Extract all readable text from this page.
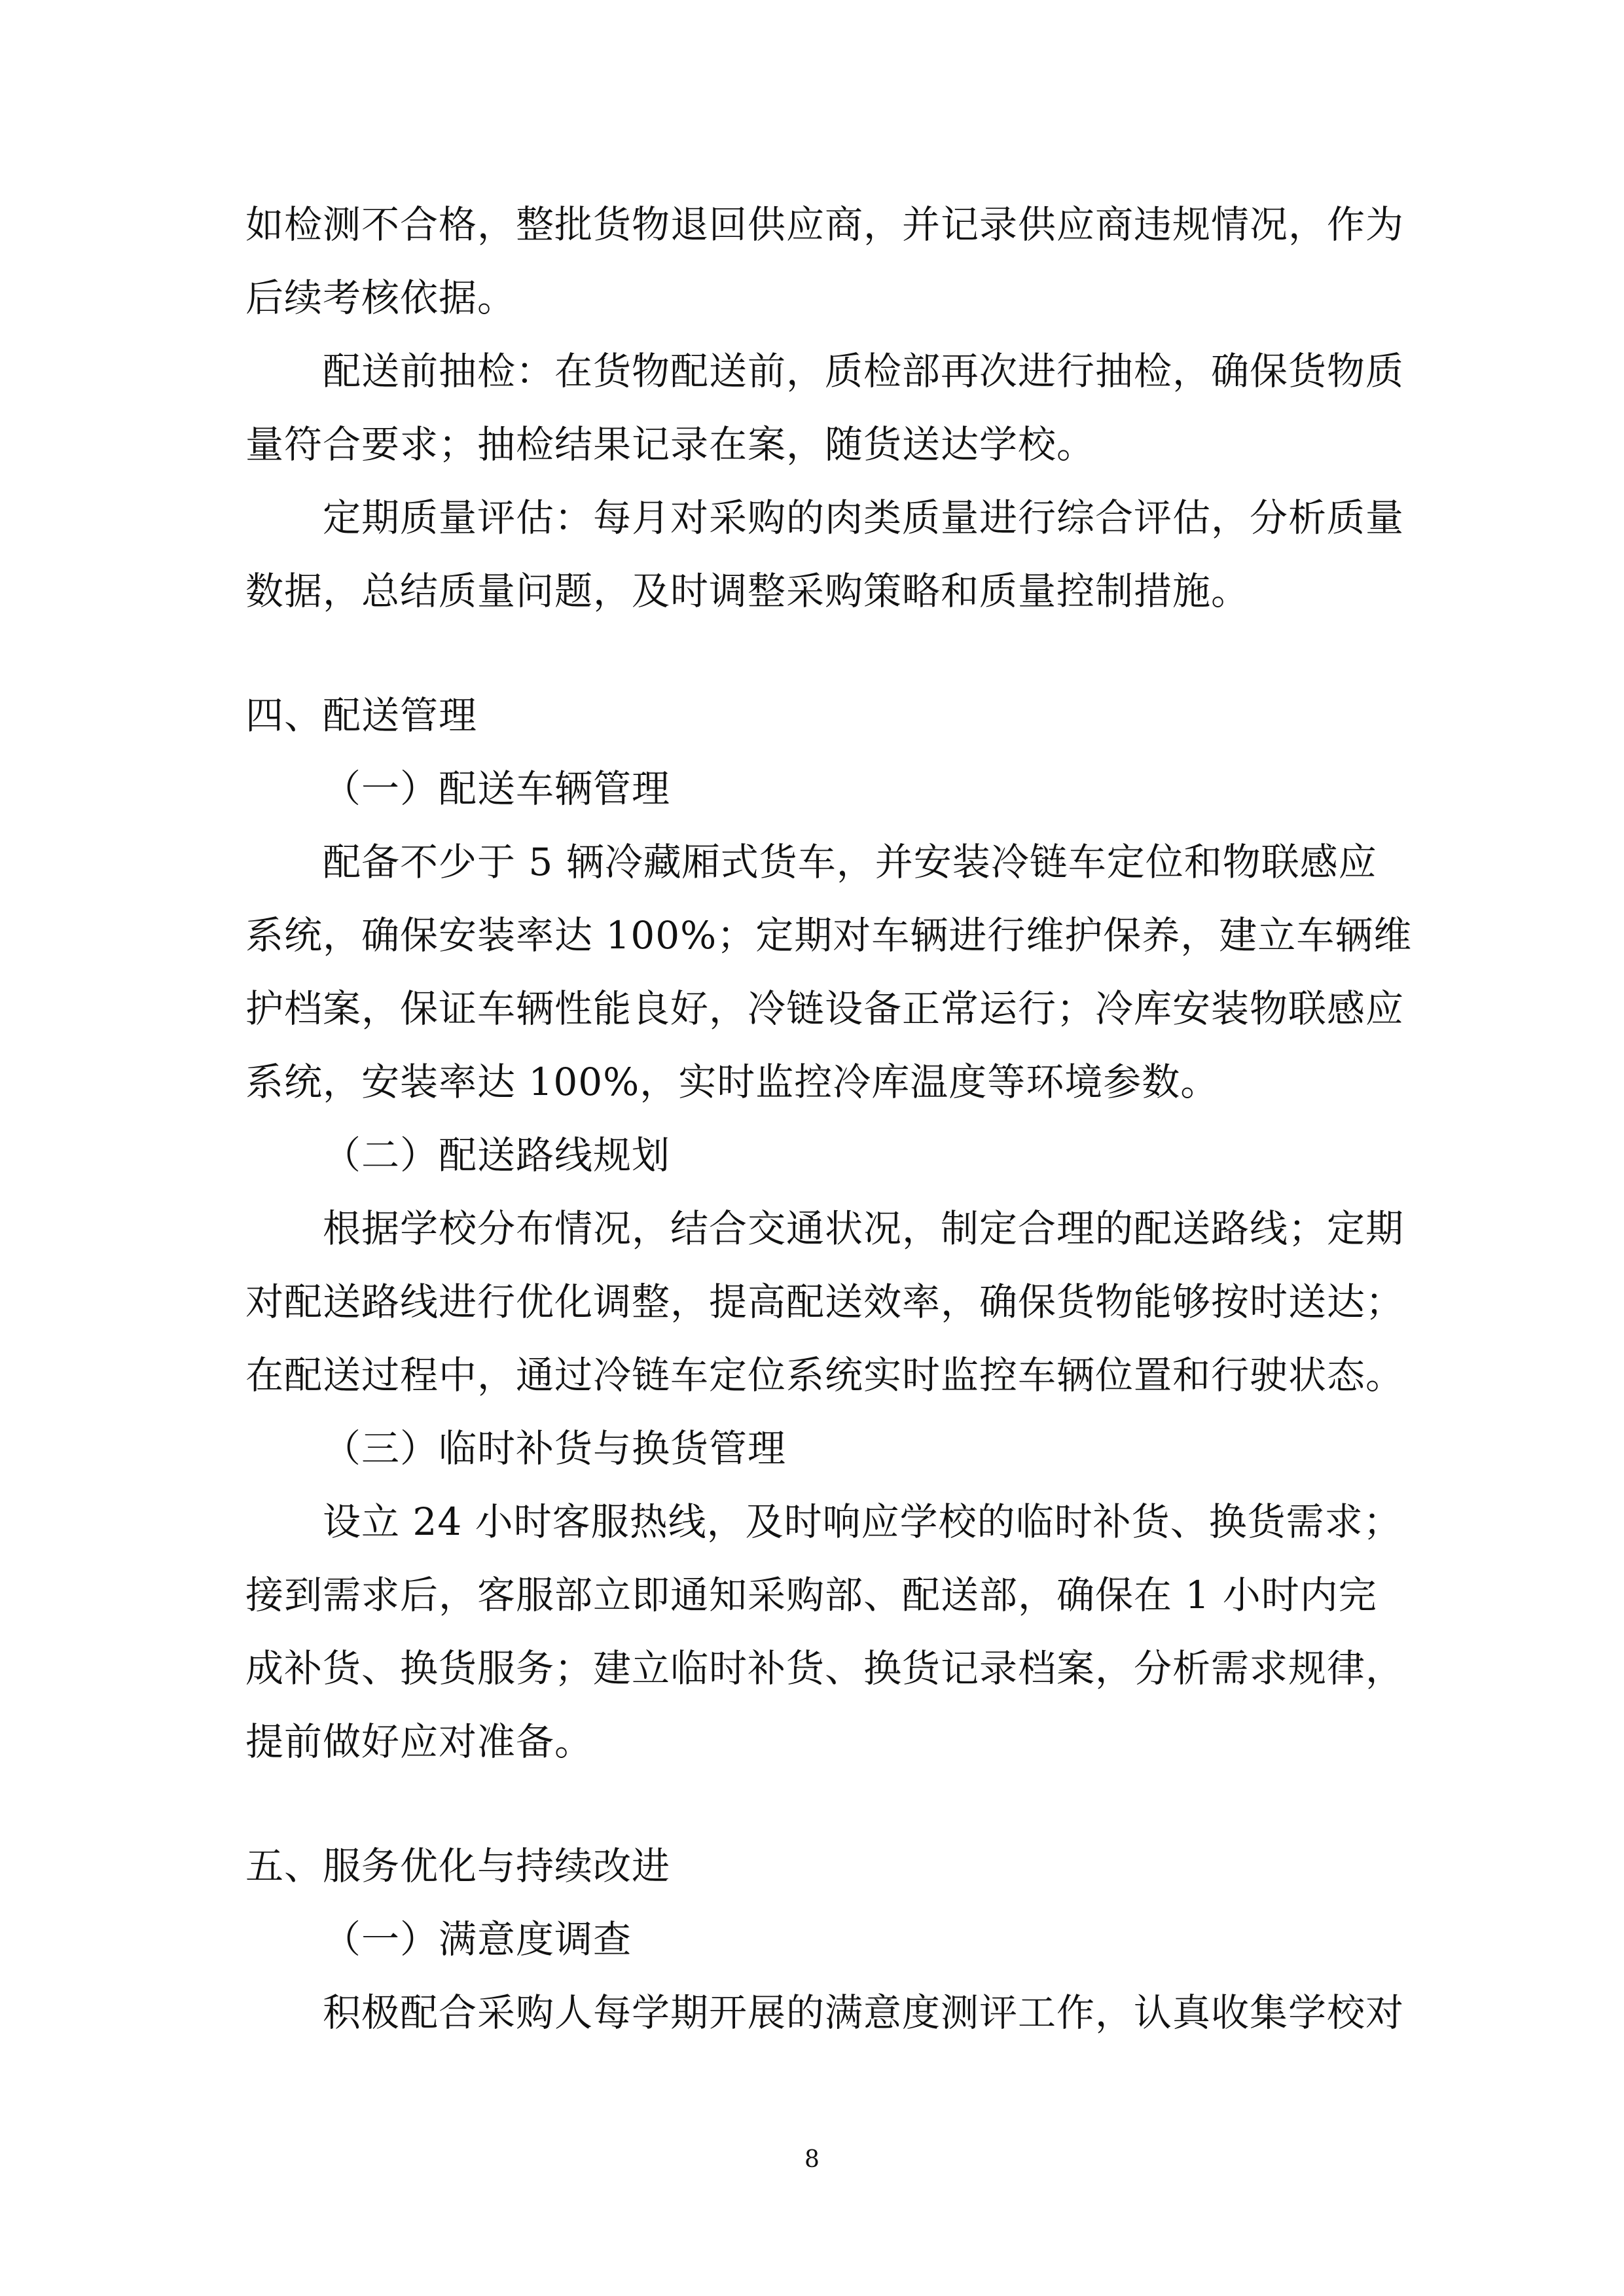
如检测不合格，整批货物退回供应商，并记录供应商违规情况，作为
后续考核依据。
配送前抽检：在货物配送前，质检部再次进行抽检，确保货物质
量符合要求；抽检结果记录在案，随货送达学校。
定期质量评估：每月对采购的肉类质量进行综合评估，分析质量
数据，总结质量问题，及时调整采购策略和质量控制措施。
四、配送管理
（一）配送车辆管理
配备不少于 5 辆冷藏厢式货车，并安装冷链车定位和物联感应
系统，确保安装率达 100%；定期对车辆进行维护保养，建立车辆维
护档案，保证车辆性能良好，冷链设备正常运行；冷库安装物联感应
系统，安装率达 100%，实时监控冷库温度等环境参数。
（二）配送路线规划
根据学校分布情况，结合交通状况，制定合理的配送路线；定期
对配送路线进行优化调整，提高配送效率，确保货物能够按时送达；
在配送过程中，通过冷链车定位系统实时监控车辆位置和行驶状态。
（三）临时补货与换货管理
设立 24 小时客服热线，及时响应学校的临时补货、换货需求；
接到需求后，客服部立即通知采购部、配送部，确保在 1 小时内完
成补货、换货服务；建立临时补货、换货记录档案，分析需求规律，
提前做好应对准备。
五、服务优化与持续改进
（一）满意度调查
积极配合采购人每学期开展的满意度测评工作，认真收集学校对
8
